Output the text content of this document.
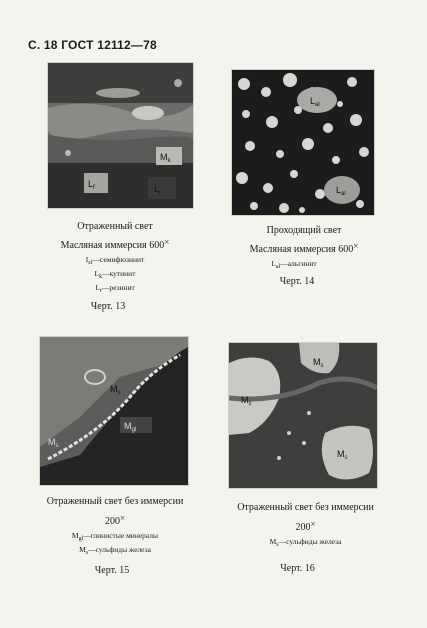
С. 18 ГОСТ 12112—78
$M_k$
$L_f$	$L_r$
$L_{al}$
$L_{al}$
$M_s$
$M_{gl}$
$M_s$
$M_s$
$M_s$
$M_s$
Отраженный свет
Масляная иммерсия 600×
$I_{sf}—семифюзинит$
$L_k—кутинит$
$L_r—резинит$
Черт. 13
Проходящий свет
Масляная иммерсия 600×
$L_{al}—альгинит$
Черт. 14
Отраженный свет без иммерсии
200×
$M_{gl}—глинистые$ минералы
$M_s—сульфиды$ железа
Черт. 15
Отраженный свет без иммерсии
200×
$M_s—сульфиды$ железа
Черт. 16
